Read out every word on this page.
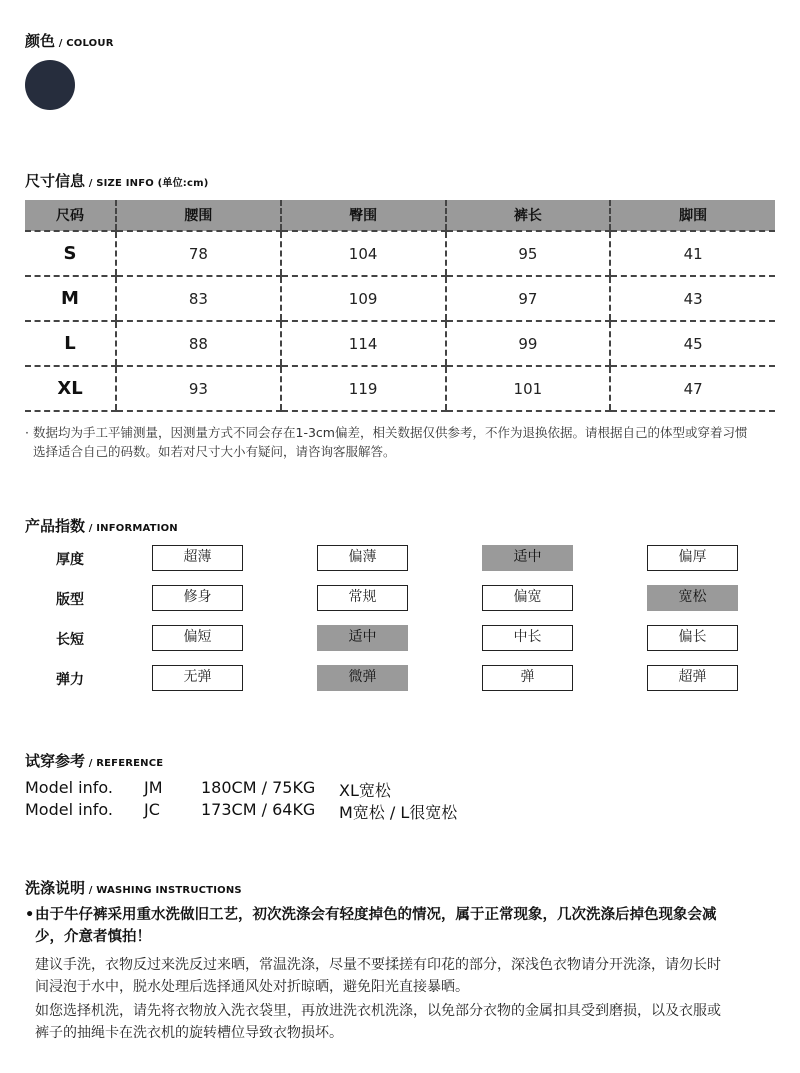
颜色 / COLOUR
尺寸信息 / SIZE INFO (单位:cm)
尺码	腰围	臀围	裤长	脚围
S	78	104	95	41
M	83	109	97	43
L	88	114	99	45
XL	93	119	101	47
· 数据均为手工平铺测量，因测量方式不同会存在1-3cm偏差，相关数据仅供参考，不作为退换依据。请根据自己的体型或穿着习惯
选择适合自己的码数。如若对尺寸大小有疑问，请咨询客服解答。
产品指数 / INFORMATION
厚度	超薄	偏薄	适中	偏厚
版型	修身	常规	偏宽	宽松
长短	偏短	适中	中长	偏长
弹力	无弹	微弹	弹	超弹
试穿参考 / REFERENCE
Model info. JM 180CM / 75KG XL宽松
Model info. JC	173CM / 64KG M宽松 / L很宽松
洗涤说明 / WASHING INSTRUCTIONS
• 由于牛仔裤采用重水洗做旧工艺，初次洗涤会有轻度掉色的情况，属于正常现象，几次洗涤后掉色现象会减
少，介意者慎拍！
建议手洗，衣物反过来洗反过来晒，常温洗涤，尽量不要揉搓有印花的部分，深浅色衣物请分开洗涤，请勿长时
间浸泡于水中，脱水处理后选择通风处对折晾晒，避免阳光直接暴晒。
如您选择机洗，请先将衣物放入洗衣袋里，再放进洗衣机洗涤，以免部分衣物的金属扣具受到磨损，以及衣服或
裤子的抽绳卡在洗衣机的旋转槽位导致衣物损坏。
